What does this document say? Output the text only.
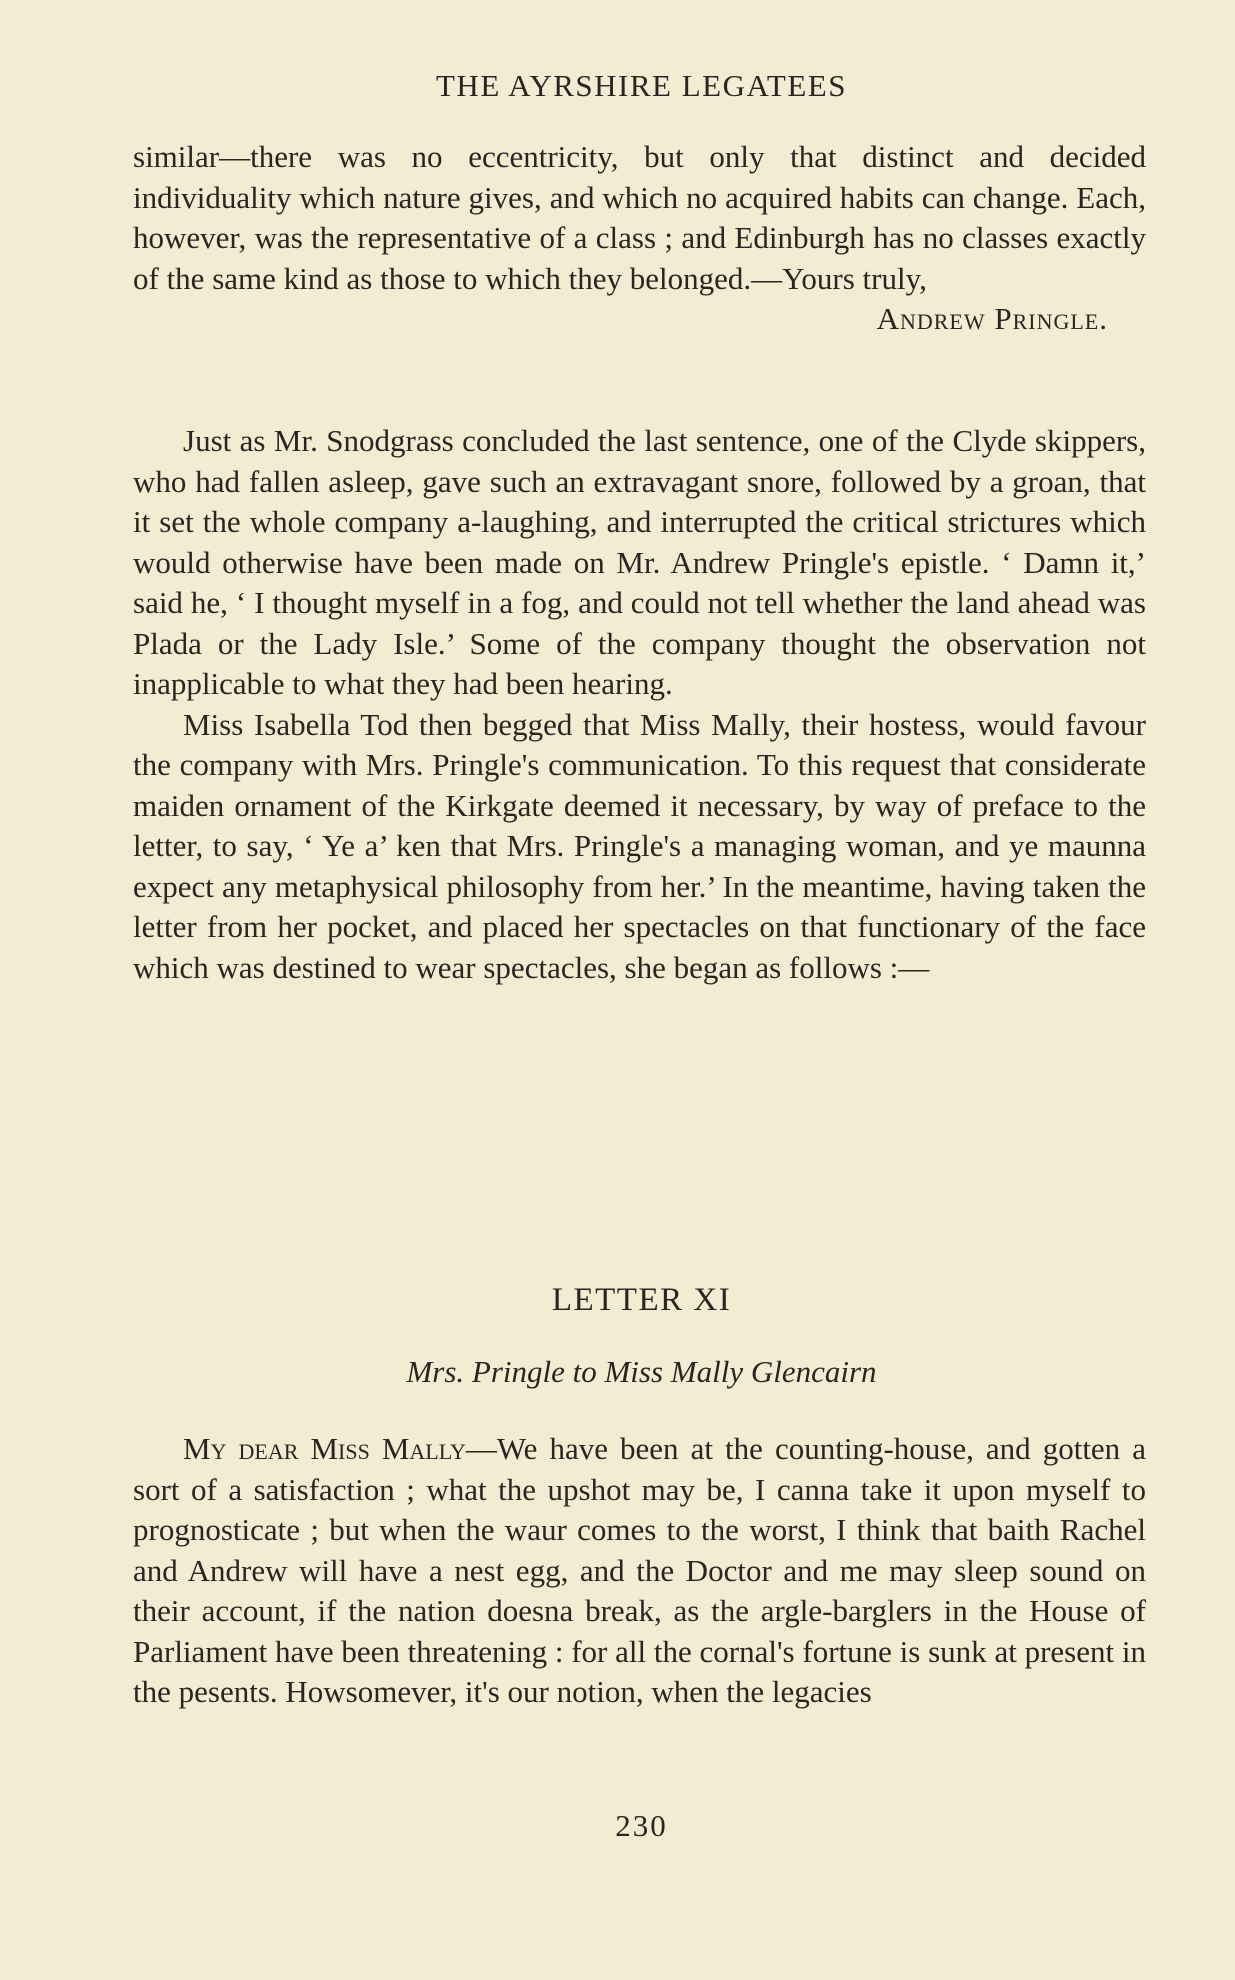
THE AYRSHIRE LEGATEES

similar—there was no eccentricity, but only that distinct and decided individuality which nature gives, and which no acquired habits can change. Each, however, was the representative of a class ; and Edinburgh has no classes exactly of the same kind as those to which they belonged.—Yours truly,

Andrew Pringle.

Just as Mr. Snodgrass concluded the last sentence, one of the Clyde skippers, who had fallen asleep, gave such an extravagant snore, followed by a groan, that it set the whole company a-laughing, and interrupted the critical strictures which would otherwise have been made on Mr. Andrew Pringle's epistle. ‘ Damn it,’ said he, ‘ I thought myself in a fog, and could not tell whether the land ahead was Plada or the Lady Isle.’ Some of the company thought the observation not inapplicable to what they had been hearing.

Miss Isabella Tod then begged that Miss Mally, their hostess, would favour the company with Mrs. Pringle's communication. To this request that considerate maiden ornament of the Kirkgate deemed it necessary, by way of preface to the letter, to say, ‘ Ye a’ ken that Mrs. Pringle's a managing woman, and ye maunna expect any metaphysical philosophy from her.’ In the meantime, having taken the letter from her pocket, and placed her spectacles on that functionary of the face which was destined to wear spectacles, she began as follows :—

LETTER XI
Mrs. Pringle to Miss Mally Glencairn

My dear Miss Mally—We have been at the counting-house, and gotten a sort of a satisfaction ; what the upshot may be, I canna take it upon myself to prognosticate ; but when the waur comes to the worst, I think that baith Rachel and Andrew will have a nest egg, and the Doctor and me may sleep sound on their account, if the nation doesna break, as the argle-barglers in the House of Parliament have been threatening : for all the cornal's fortune is sunk at present in the pesents. Howsomever, it's our notion, when the legacies

230
